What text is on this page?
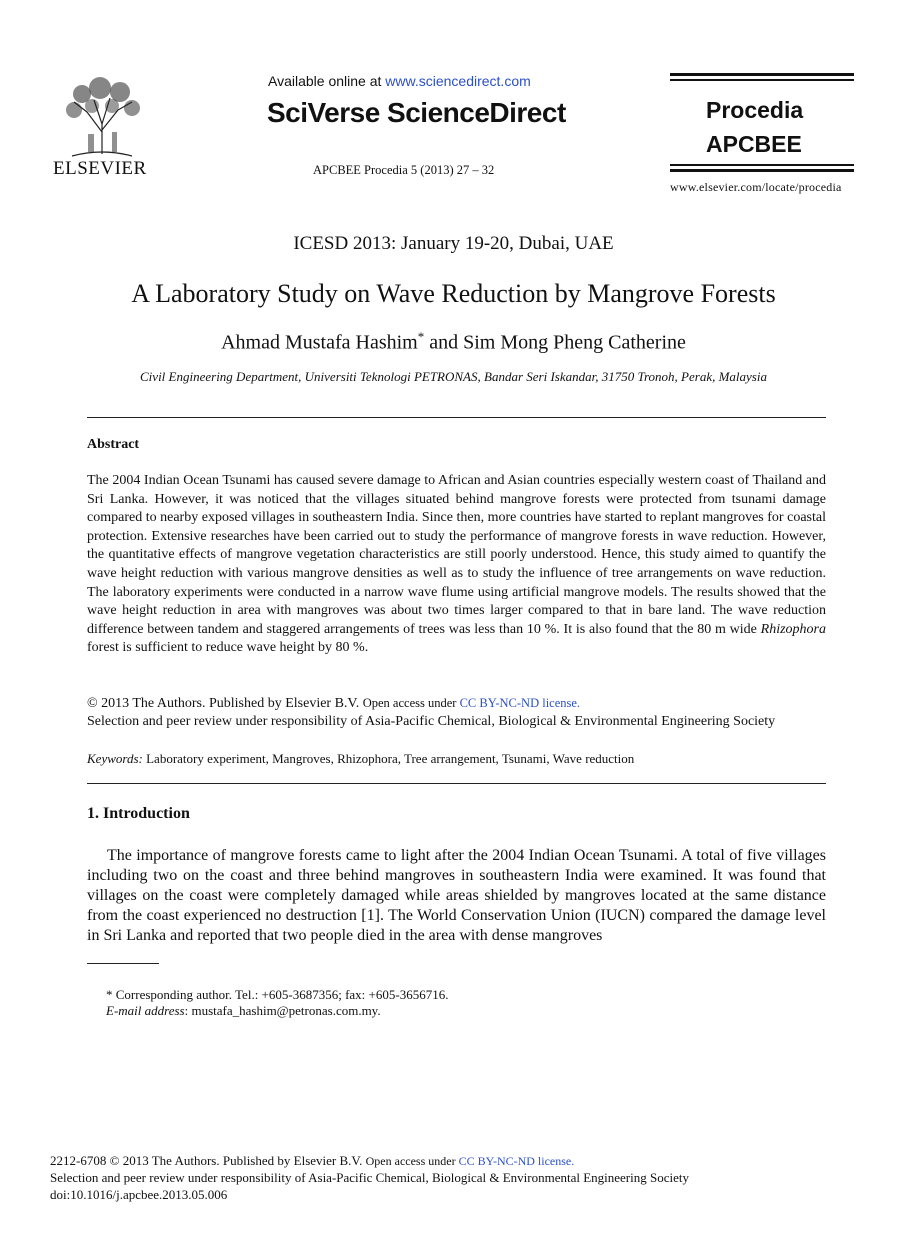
ELSEVIER
Available online at www.sciencedirect.com
SciVerse ScienceDirect
APCBEE Procedia 5 (2013) 27 – 32
Procedia
APCBEE
www.elsevier.com/locate/procedia
ICESD 2013: January 19-20, Dubai, UAE
A Laboratory Study on Wave Reduction by Mangrove Forests
Ahmad Mustafa Hashim* and Sim Mong Pheng Catherine
Civil Engineering Department, Universiti Teknologi PETRONAS, Bandar Seri Iskandar, 31750 Tronoh, Perak, Malaysia
Abstract
The 2004 Indian Ocean Tsunami has caused severe damage to African and Asian countries especially western coast of Thailand and Sri Lanka. However, it was noticed that the villages situated behind mangrove forests were protected from tsunami damage compared to nearby exposed villages in southeastern India. Since then, more countries have started to replant mangroves for coastal protection. Extensive researches have been carried out to study the performance of mangrove forests in wave reduction. However, the quantitative effects of mangrove vegetation characteristics are still poorly understood. Hence, this study aimed to quantify the wave height reduction with various mangrove densities as well as to study the influence of tree arrangements on wave reduction. The laboratory experiments were conducted in a narrow wave flume using artificial mangrove models. The results showed that the wave height reduction in area with mangroves was about two times larger compared to that in bare land. The wave reduction difference between tandem and staggered arrangements of trees was less than 10 %. It is also found that the 80 m wide Rhizophora forest is sufficient to reduce wave height by 80 %.
© 2013 The Authors. Published by Elsevier B.V. Open access under CC BY-NC-ND license.
Selection and peer review under responsibility of Asia-Pacific Chemical, Biological & Environmental Engineering Society
Keywords: Laboratory experiment, Mangroves, Rhizophora, Tree arrangement, Tsunami, Wave reduction
1. Introduction
The importance of mangrove forests came to light after the 2004 Indian Ocean Tsunami. A total of five villages including two on the coast and three behind mangroves in southeastern India were examined. It was found that villages on the coast were completely damaged while areas shielded by mangroves located at the same distance from the coast experienced no destruction [1]. The World Conservation Union (IUCN) compared the damage level in Sri Lanka and reported that two people died in the area with dense mangroves
* Corresponding author. Tel.: +605-3687356; fax: +605-3656716.
E-mail address: mustafa_hashim@petronas.com.my.
2212-6708 © 2013 The Authors. Published by Elsevier B.V. Open access under CC BY-NC-ND license.
Selection and peer review under responsibility of Asia-Pacific Chemical, Biological & Environmental Engineering Society
doi:10.1016/j.apcbee.2013.05.006
